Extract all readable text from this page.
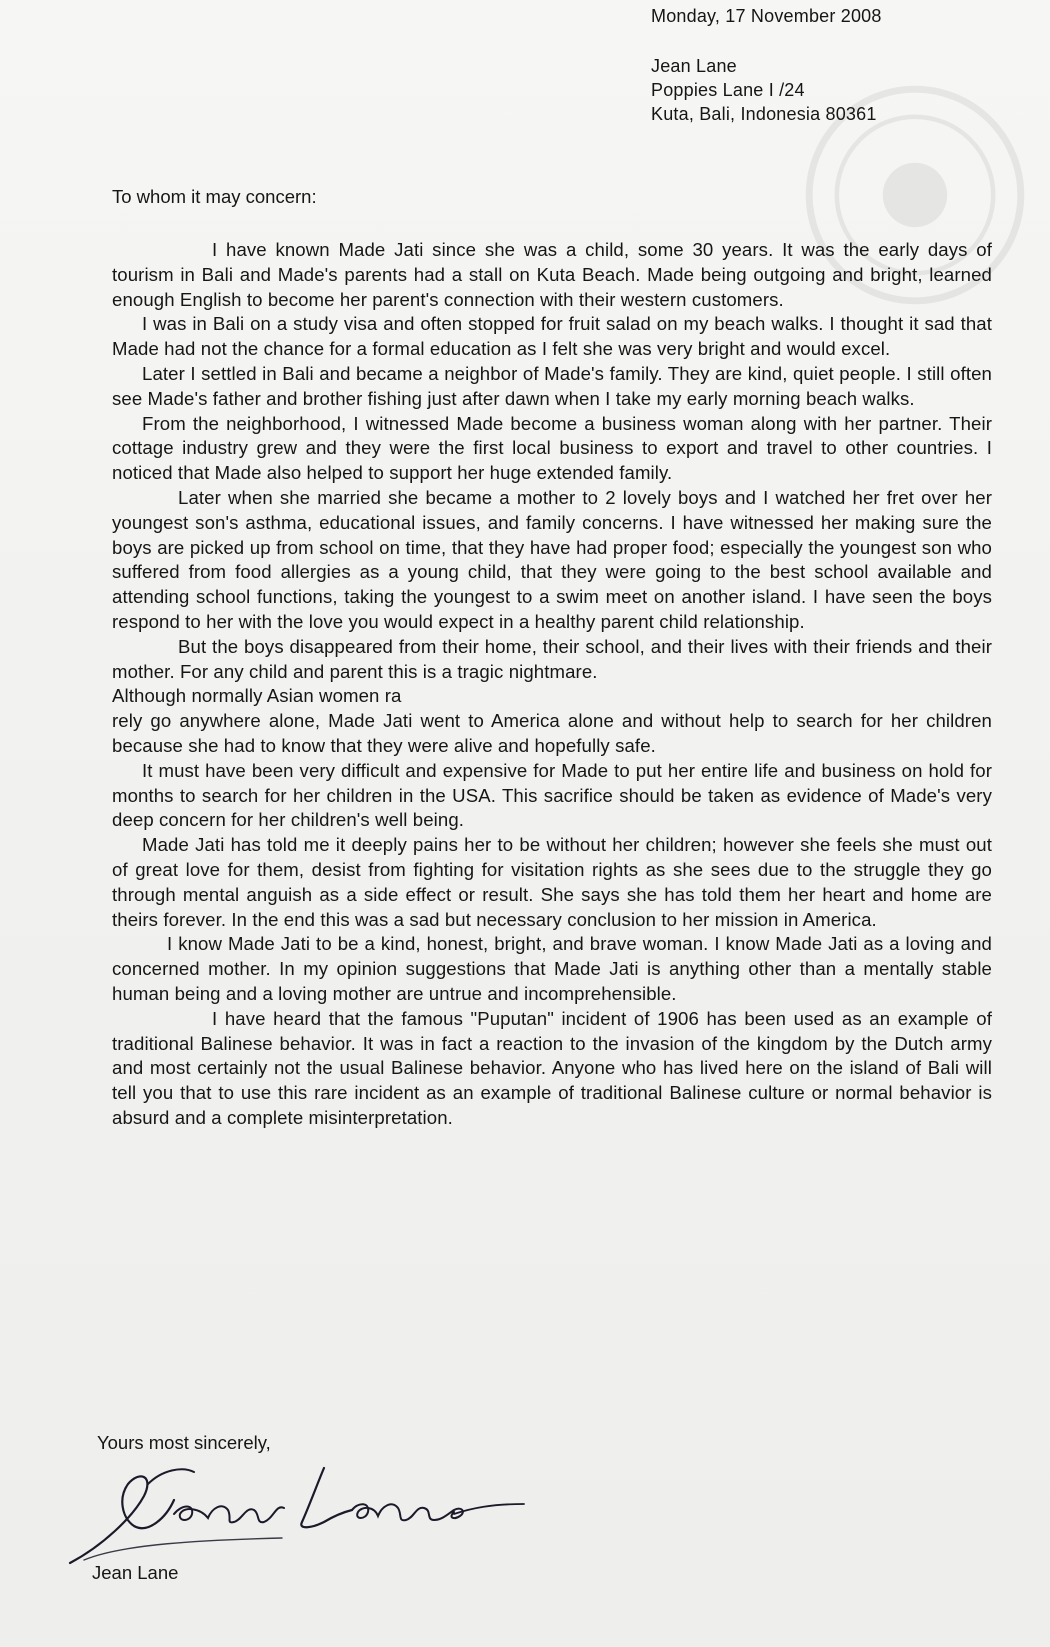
Monday, 17 November 2008
Jean Lane
Poppies Lane I /24
Kuta, Bali, Indonesia 80361
To whom it may concern:

I have known Made Jati since she was a child, some 30 years. It was the early days of tourism in Bali and Made's parents had a stall on Kuta Beach. Made being outgoing and bright, learned enough English to become her parent's connection with their western customers.

I was in Bali on a study visa and often stopped for fruit salad on my beach walks. I thought it sad that Made had not the chance for a formal education as I felt she was very bright and would excel.

Later I settled in Bali and became a neighbor of Made's family. They are kind, quiet people. I still often see Made's father and brother fishing just after dawn when I take my early morning beach walks.

From the neighborhood, I witnessed Made become a business woman along with her partner. Their cottage industry grew and they were the first local business to export and travel to other countries. I noticed that Made also helped to support her huge extended family.

Later when she married she became a mother to 2 lovely boys and I watched her fret over her youngest son's asthma, educational issues, and family concerns. I have witnessed her making sure the boys are picked up from school on time, that they have had proper food; especially the youngest son who suffered from food allergies as a young child, that they were going to the best school available and attending school functions, taking the youngest to a swim meet on another island. I have seen the boys respond to her with the love you would expect in a healthy parent child relationship.

But the boys disappeared from their home, their school, and their lives with their friends and their mother. For any child and parent this is a tragic nightmare.

Although normally Asian women ra

rely go anywhere alone, Made Jati went to America alone and without help to search for her children because she had to know that they were alive and hopefully safe.

It must have been very difficult and expensive for Made to put her entire life and business on hold for months to search for her children in the USA. This sacrifice should be taken as evidence of Made's very deep concern for her children's well being.

Made Jati has told me it deeply pains her to be without her children; however she feels she must out of great love for them, desist from fighting for visitation rights as she sees due to the struggle they go through mental anguish as a side effect or result. She says she has told them her heart and home are theirs forever. In the end this was a sad but necessary conclusion to her mission in America.

I know Made Jati to be a kind, honest, bright, and brave woman. I know Made Jati as a loving and concerned mother. In my opinion suggestions that Made Jati is anything other than a mentally stable human being and a loving mother are untrue and incomprehensible.

I have heard that the famous "Puputan" incident of 1906 has been used as an example of traditional Balinese behavior. It was in fact a reaction to the invasion of the kingdom by the Dutch army and most certainly not the usual Balinese behavior. Anyone who has lived here on the island of Bali will tell you that to use this rare incident as an example of traditional Balinese culture or normal behavior is absurd and a complete misinterpretation.

Yours most sincerely,
Jean Lane
